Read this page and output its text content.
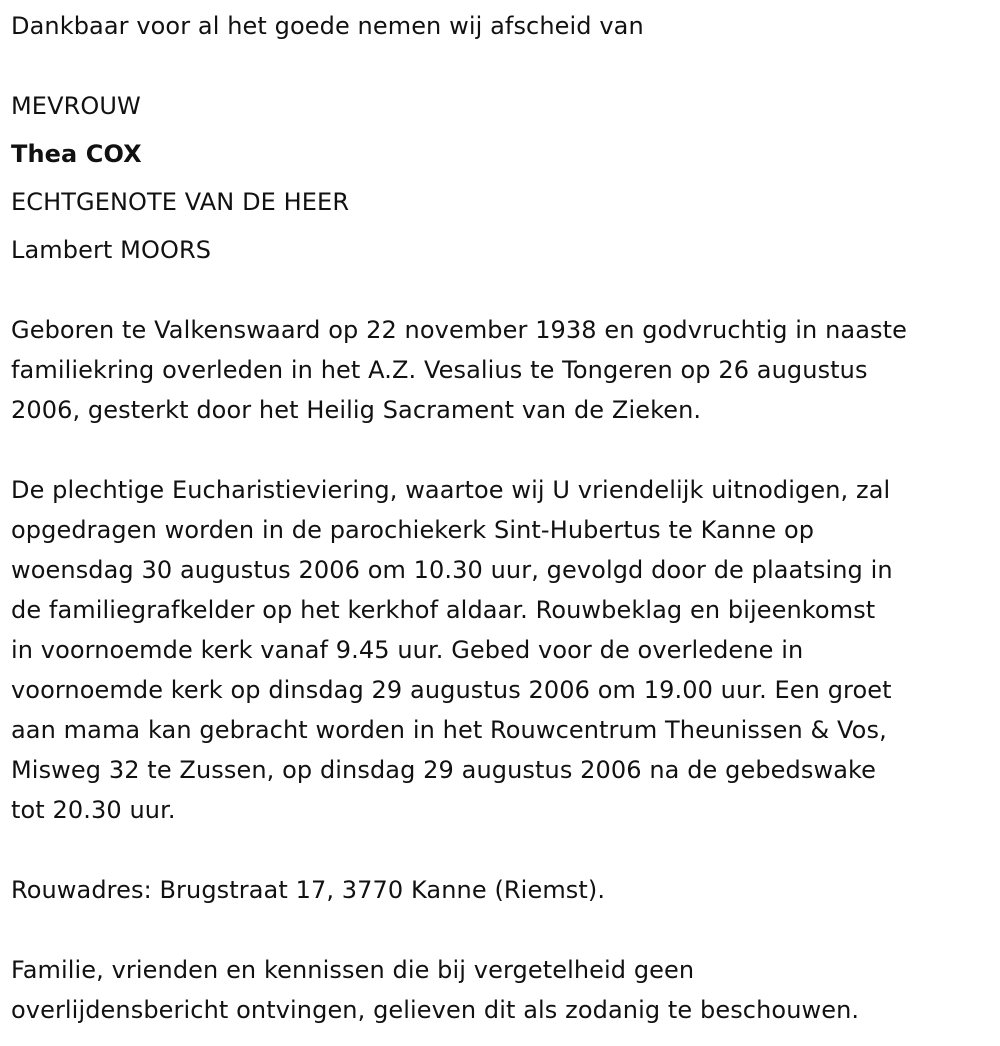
Dankbaar voor al het goede nemen wij afscheid van

MEVROUW

Thea COX

ECHTGENOTE VAN DE HEER

Lambert MOORS

Geboren te Valkenswaard op 22 november 1938 en godvruchtig in naaste
familiekring overleden in het A.Z. Vesalius te Tongeren op 26 augustus
2006, gesterkt door het Heilig Sacrament van de Zieken.
De plechtige Eucharistieviering, waartoe wij U vriendelijk uitnodigen, zal
opgedragen worden in de parochiekerk Sint-Hubertus te Kanne op
woensdag 30 augustus 2006 om 10.30 uur, gevolgd door de plaatsing in
de familiegrafkelder op het kerkhof aldaar. Rouwbeklag en bijeenkomst
in voornoemde kerk vanaf 9.45 uur. Gebed voor de overledene in
voornoemde kerk op dinsdag 29 augustus 2006 om 19.00 uur. Een groet
aan mama kan gebracht worden in het Rouwcentrum Theunissen & Vos,
Misweg 32 te Zussen, op dinsdag 29 augustus 2006 na de gebedswake
tot 20.30 uur.

Rouwadres: Brugstraat 17, 3770 Kanne (Riemst).

Familie, vrienden en kennissen die bij vergetelheid geen
overlijdensbericht ontvingen, gelieven dit als zodanig te beschouwen.
